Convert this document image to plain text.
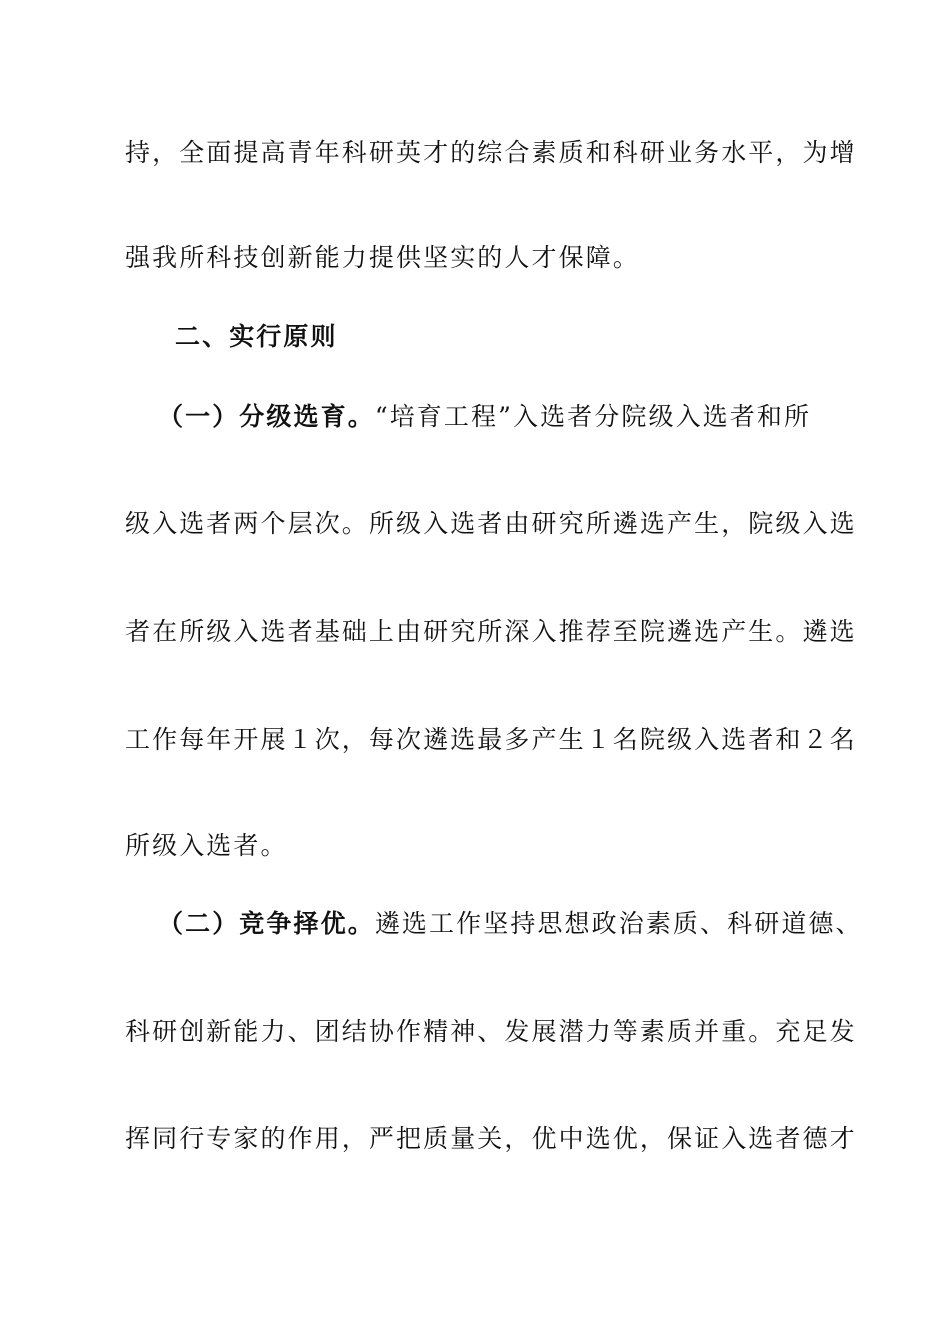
持，全面提高青年科研英才的综合素质和科研业务水平，为增
强我所科技创新能力提供坚实的人才保障。
二、实行原则
（一）分级选育。“培育工程”入选者分院级入选者和所
级入选者两个层次。所级入选者由研究所遴选产生，院级入选
者在所级入选者基础上由研究所深入推荐至院遴选产生。遴选
工作每年开展１次，每次遴选最多产生１名院级入选者和２名
所级入选者。
（二）竞争择优。遴选工作坚持思想政治素质、科研道德、
科研创新能力、团结协作精神、发展潜力等素质并重。充足发
挥同行专家的作用，严把质量关，优中选优，保证入选者德才
